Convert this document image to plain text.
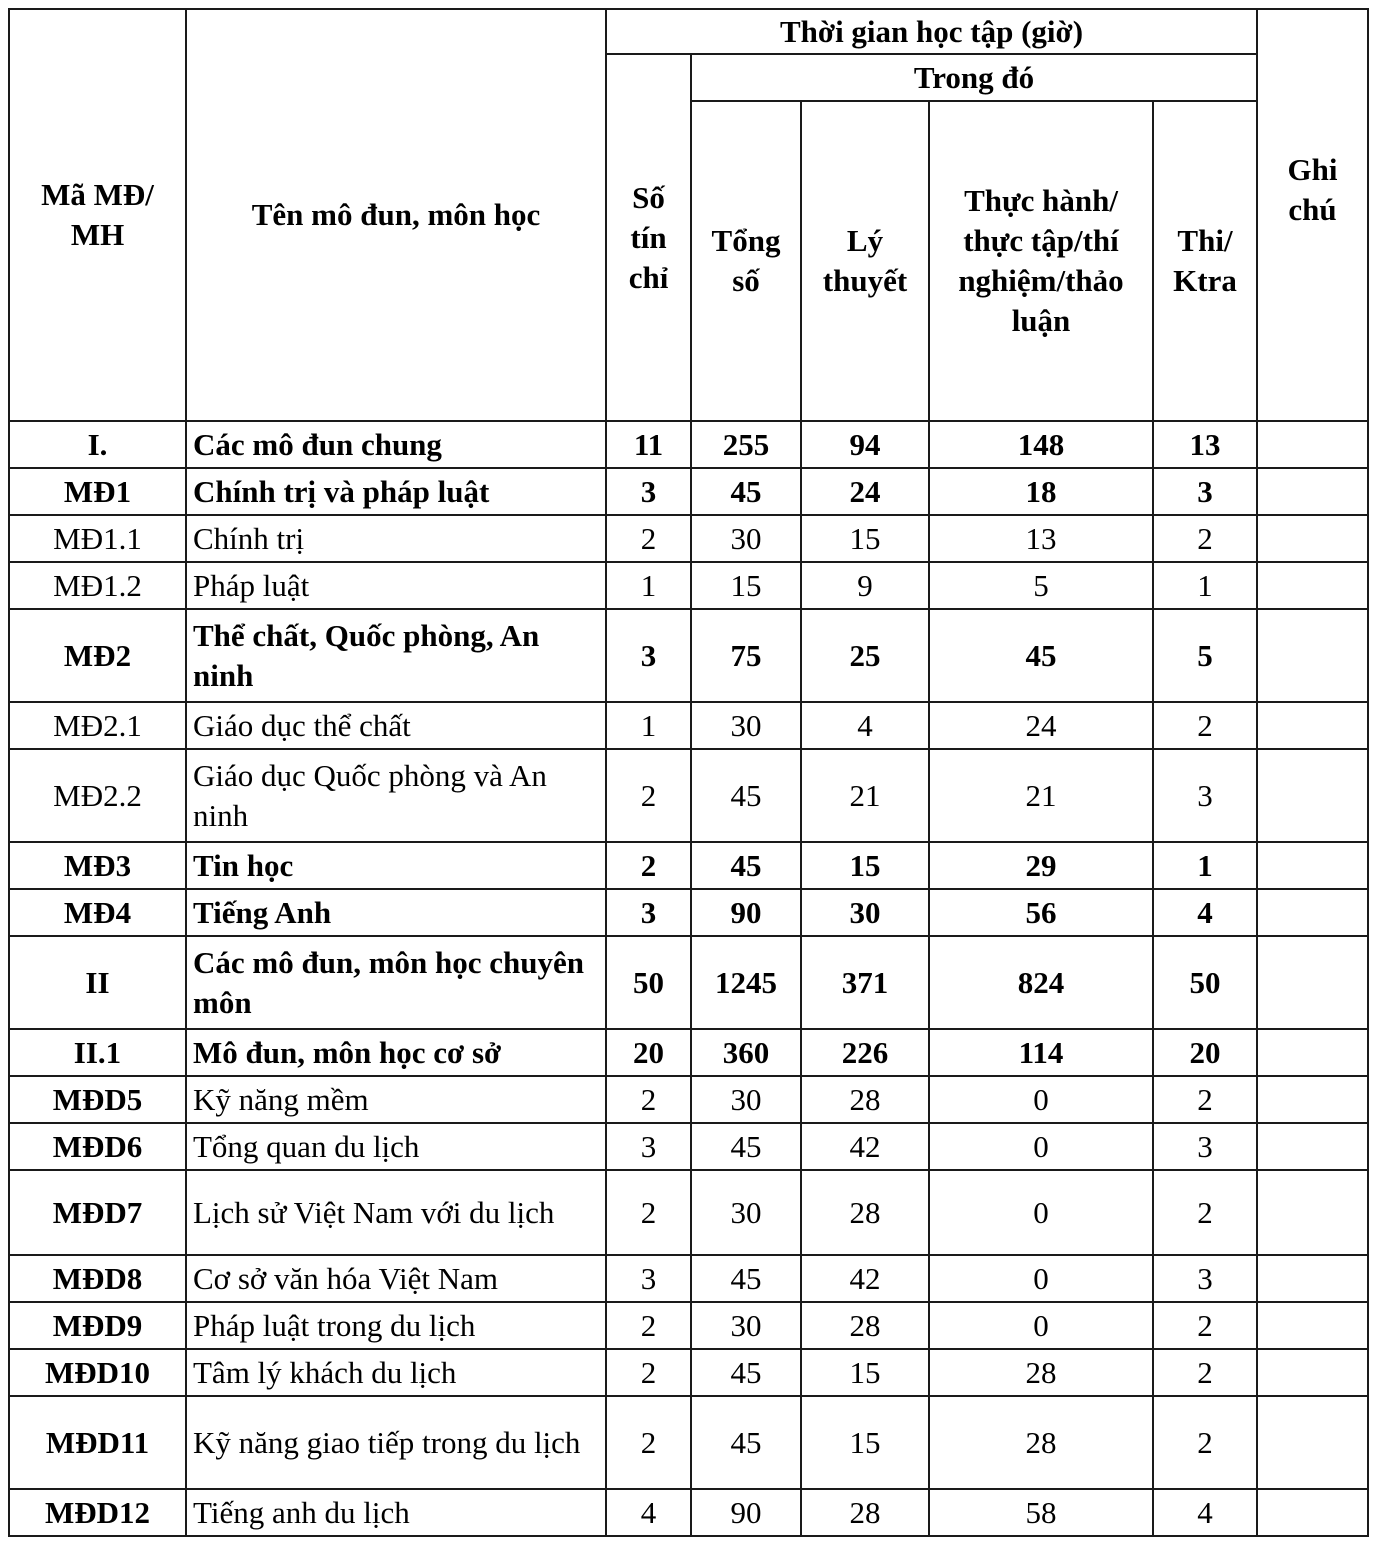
Mã MĐ/ MH	Tên mô đun, môn học	Thời gian học tập (giờ)					Ghi chú
		Số tín chỉ	Trong đó				
			Tổng số	Lý thuyết	Thực hành/ thực tập/thí nghiệm/thảo luận	Thi/ Ktra	
I.	Các mô đun chung	11	255	94	148	13	
MĐ1	Chính trị và pháp luật	3	45	24	18	3	
MĐ1.1	Chính trị	2	30	15	13	2	
MĐ1.2	Pháp luật	1	15	9	5	1	
MĐ2	Thể chất, Quốc phòng, An ninh	3	75	25	45	5	
MĐ2.1	Giáo dục thể chất	1	30	4	24	2	
MĐ2.2	Giáo dục Quốc phòng và An ninh	2	45	21	21	3	
MĐ3	Tin học	2	45	15	29	1	
MĐ4	Tiếng Anh	3	90	30	56	4	
II	Các mô đun, môn học chuyên môn	50	1245	371	824	50	
II.1	Mô đun, môn học cơ sở	20	360	226	114	20	
MĐD5	Kỹ năng mềm	2	30	28	0	2	
MĐD6	Tổng quan du lịch	3	45	42	0	3	
MĐD7	Lịch sử Việt Nam với du lịch	2	30	28	0	2	
MĐD8	Cơ sở văn hóa Việt Nam	3	45	42	0	3	
MĐD9	Pháp luật trong du lịch	2	30	28	0	2	
MĐD10	Tâm lý khách du lịch	2	45	15	28	2	
MĐD11	Kỹ năng giao tiếp trong du lịch	2	45	15	28	2	
MĐD12	Tiếng anh du lịch	4	90	28	58	4	
